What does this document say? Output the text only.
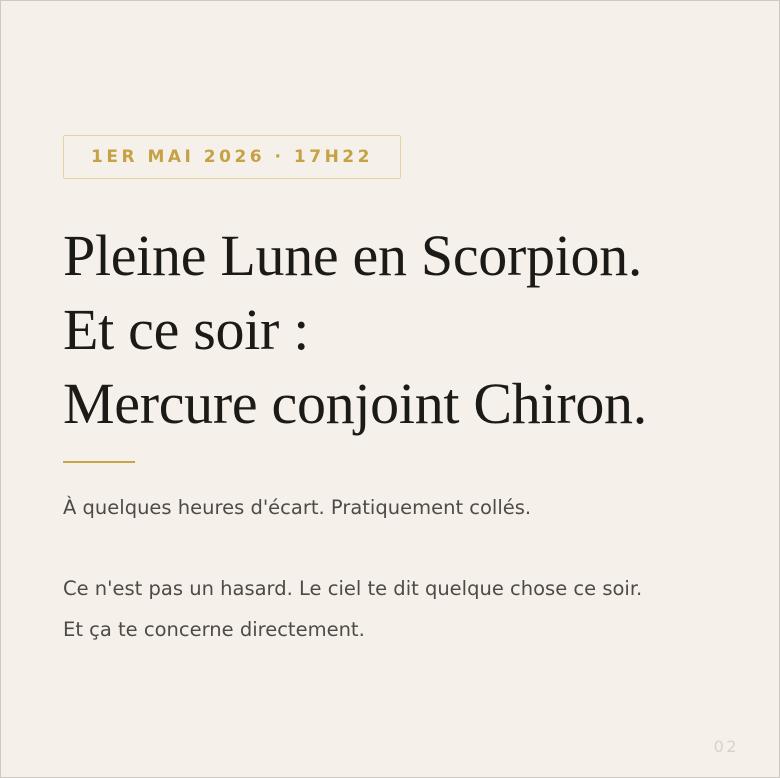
1ER MAI 2026 · 17H22
Pleine Lune en Scorpion.
Et ce soir :
Mercure conjoint Chiron.
À quelques heures d'écart. Pratiquement collés.
Ce n'est pas un hasard. Le ciel te dit quelque chose ce soir.
Et ça te concerne directement.
02
